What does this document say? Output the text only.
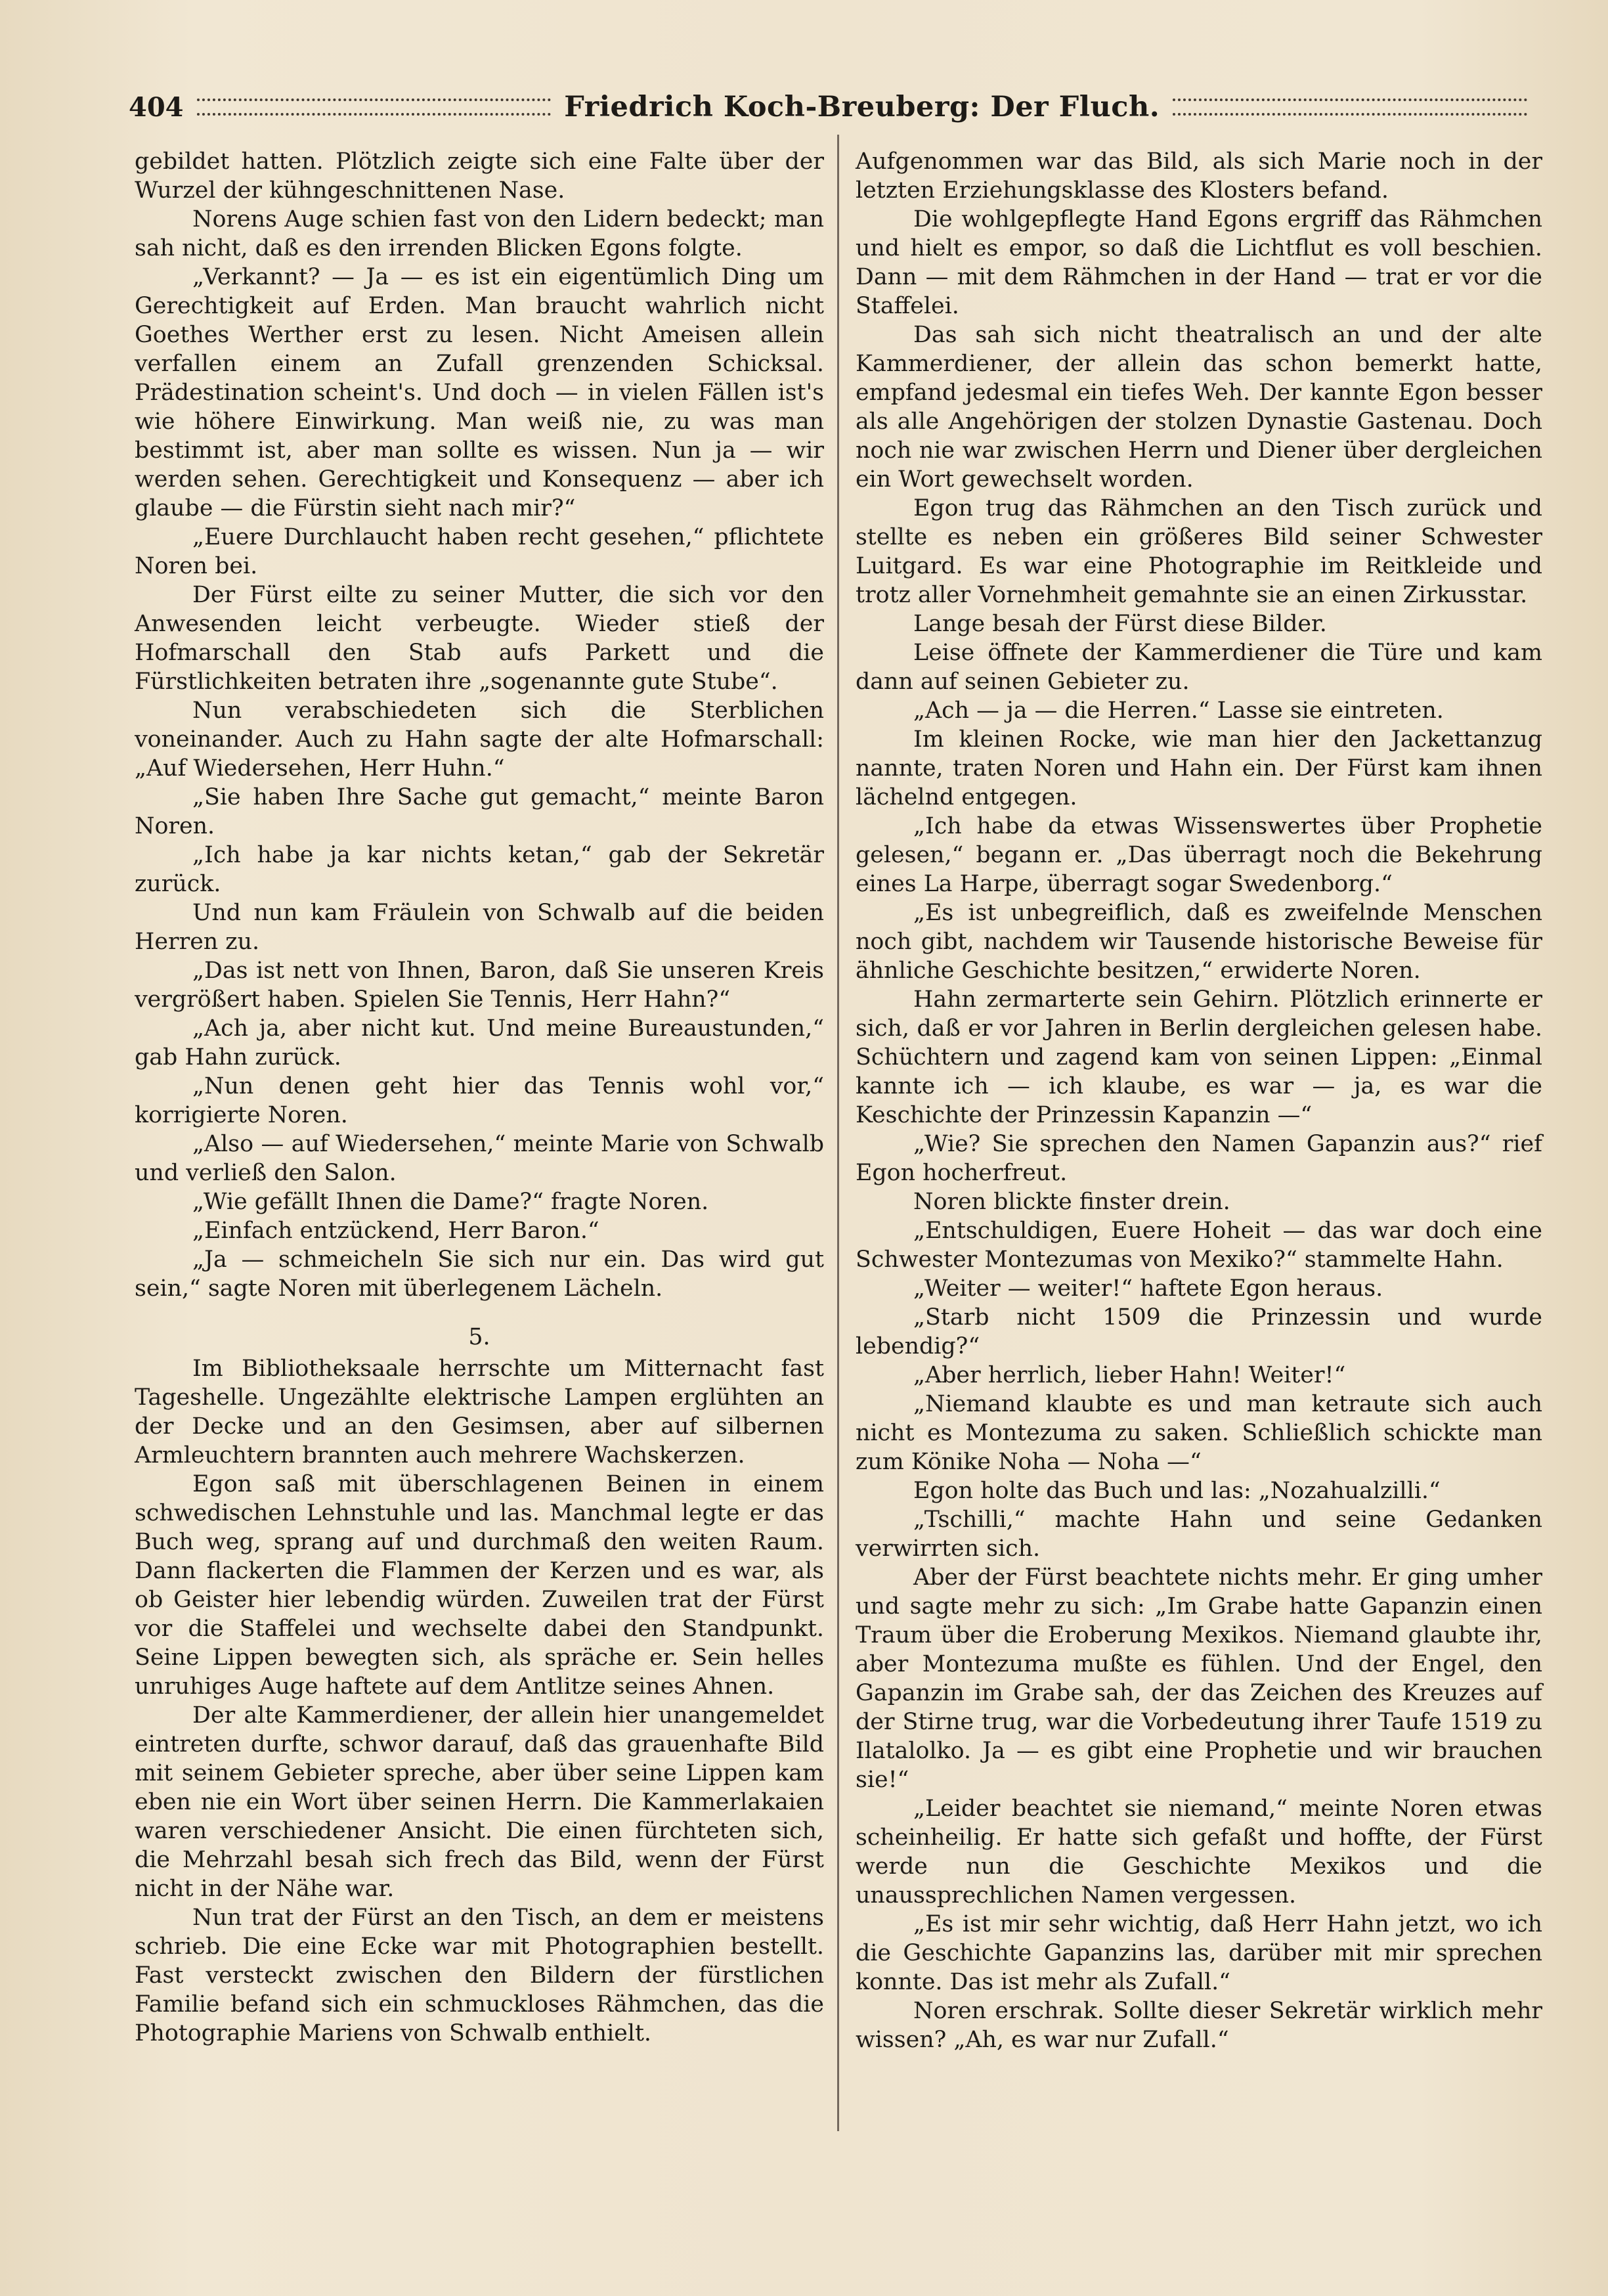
404	Friedrich Koch-Breuberg: Der Fluch.

gebildet hatten. Plötzlich zeigte sich eine Falte über der Wurzel der kühngeschnittenen Nase.

Norens Auge schien fast von den Lidern bedeckt; man sah nicht, daß es den irrenden Blicken Egons folgte.

„Verkannt? — Ja — es ist ein eigentümlich Ding um Gerechtigkeit auf Erden. Man braucht wahrlich nicht Goethes Werther erst zu lesen. Nicht Ameisen allein verfallen einem an Zufall grenzenden Schicksal. Prädestination scheint's. Und doch — in vielen Fällen ist's wie höhere Einwirkung. Man weiß nie, zu was man bestimmt ist, aber man sollte es wissen. Nun ja — wir werden sehen. Gerechtigkeit und Konsequenz — aber ich glaube — die Fürstin sieht nach mir?“

„Euere Durchlaucht haben recht gesehen,“ pflichtete Noren bei.

Der Fürst eilte zu seiner Mutter, die sich vor den Anwesenden leicht verbeugte. Wieder stieß der Hofmarschall den Stab aufs Parkett und die Fürstlichkeiten betraten ihre „sogenannte gute Stube“.

Nun verabschiedeten sich die Sterblichen voneinander. Auch zu Hahn sagte der alte Hofmarschall: „Auf Wiedersehen, Herr Huhn.“

„Sie haben Ihre Sache gut gemacht,“ meinte Baron Noren.

„Ich habe ja kar nichts ketan,“ gab der Sekretär zurück.

Und nun kam Fräulein von Schwalb auf die beiden Herren zu.

„Das ist nett von Ihnen, Baron, daß Sie unseren Kreis vergrößert haben. Spielen Sie Tennis, Herr Hahn?“

„Ach ja, aber nicht kut. Und meine Bureaustunden,“ gab Hahn zurück.

„Nun denen geht hier das Tennis wohl vor,“ korrigierte Noren.

„Also — auf Wiedersehen,“ meinte Marie von Schwalb und verließ den Salon.

„Wie gefällt Ihnen die Dame?“ fragte Noren.

„Einfach entzückend, Herr Baron.“

„Ja — schmeicheln Sie sich nur ein. Das wird gut sein,“ sagte Noren mit überlegenem Lächeln.

5.

Im Bibliotheksaale herrschte um Mitternacht fast Tageshelle. Ungezählte elektrische Lampen erglühten an der Decke und an den Gesimsen, aber auf silbernen Armleuchtern brannten auch mehrere Wachskerzen.

Egon saß mit überschlagenen Beinen in einem schwedischen Lehnstuhle und las. Manchmal legte er das Buch weg, sprang auf und durchmaß den weiten Raum. Dann flackerten die Flammen der Kerzen und es war, als ob Geister hier lebendig würden. Zuweilen trat der Fürst vor die Staffelei und wechselte dabei den Standpunkt. Seine Lippen bewegten sich, als spräche er. Sein helles unruhiges Auge haftete auf dem Antlitze seines Ahnen.

Der alte Kammerdiener, der allein hier unangemeldet eintreten durfte, schwor darauf, daß das grauenhafte Bild mit seinem Gebieter spreche, aber über seine Lippen kam eben nie ein Wort über seinen Herrn. Die Kammerlakaien waren verschiedener Ansicht. Die einen fürchteten sich, die Mehrzahl besah sich frech das Bild, wenn der Fürst nicht in der Nähe war.

Nun trat der Fürst an den Tisch, an dem er meistens schrieb. Die eine Ecke war mit Photographien bestellt. Fast versteckt zwischen den Bildern der fürstlichen Familie befand sich ein schmuckloses Rähmchen, das die Photographie Mariens von Schwalb enthielt.

Aufgenommen war das Bild, als sich Marie noch in der letzten Erziehungsklasse des Klosters befand.

Die wohlgepflegte Hand Egons ergriff das Rähmchen und hielt es empor, so daß die Lichtflut es voll beschien. Dann — mit dem Rähmchen in der Hand — trat er vor die Staffelei.

Das sah sich nicht theatralisch an und der alte Kammerdiener, der allein das schon bemerkt hatte, empfand jedesmal ein tiefes Weh. Der kannte Egon besser als alle Angehörigen der stolzen Dynastie Gastenau. Doch noch nie war zwischen Herrn und Diener über dergleichen ein Wort gewechselt worden.

Egon trug das Rähmchen an den Tisch zurück und stellte es neben ein größeres Bild seiner Schwester Luitgard. Es war eine Photographie im Reitkleide und trotz aller Vornehmheit gemahnte sie an einen Zirkusstar.

Lange besah der Fürst diese Bilder.

Leise öffnete der Kammerdiener die Türe und kam dann auf seinen Gebieter zu.

„Ach — ja — die Herren.“ Lasse sie eintreten.

Im kleinen Rocke, wie man hier den Jackettanzug nannte, traten Noren und Hahn ein. Der Fürst kam ihnen lächelnd entgegen.

„Ich habe da etwas Wissenswertes über Prophetie gelesen,“ begann er. „Das überragt noch die Bekehrung eines La Harpe, überragt sogar Swedenborg.“

„Es ist unbegreiflich, daß es zweifelnde Menschen noch gibt, nachdem wir Tausende historische Beweise für ähnliche Geschichte besitzen,“ erwiderte Noren.

Hahn zermarterte sein Gehirn. Plötzlich erinnerte er sich, daß er vor Jahren in Berlin dergleichen gelesen habe. Schüchtern und zagend kam von seinen Lippen: „Einmal kannte ich — ich klaube, es war — ja, es war die Keschichte der Prinzessin Kapanzin —“

„Wie? Sie sprechen den Namen Gapanzin aus?“ rief Egon hocherfreut.

Noren blickte finster drein.

„Entschuldigen, Euere Hoheit — das war doch eine Schwester Montezumas von Mexiko?“ stammelte Hahn.

„Weiter — weiter!“ haftete Egon heraus.

„Starb nicht 1509 die Prinzessin und wurde lebendig?“

„Aber herrlich, lieber Hahn! Weiter!“

„Niemand klaubte es und man ketraute sich auch nicht es Montezuma zu saken. Schließlich schickte man zum Könike Noha — Noha —“

Egon holte das Buch und las: „Nozahualzilli.“

„Tschilli,“ machte Hahn und seine Gedanken verwirrten sich.

Aber der Fürst beachtete nichts mehr. Er ging umher und sagte mehr zu sich: „Im Grabe hatte Gapanzin einen Traum über die Eroberung Mexikos. Niemand glaubte ihr, aber Montezuma mußte es fühlen. Und der Engel, den Gapanzin im Grabe sah, der das Zeichen des Kreuzes auf der Stirne trug, war die Vorbedeutung ihrer Taufe 1519 zu Ilatalolko. Ja — es gibt eine Prophetie und wir brauchen sie!“

„Leider beachtet sie niemand,“ meinte Noren etwas scheinheilig. Er hatte sich gefaßt und hoffte, der Fürst werde nun die Geschichte Mexikos und die unaussprechlichen Namen vergessen.

„Es ist mir sehr wichtig, daß Herr Hahn jetzt, wo ich die Geschichte Gapanzins las, darüber mit mir sprechen konnte. Das ist mehr als Zufall.“

Noren erschrak. Sollte dieser Sekretär wirklich mehr wissen? „Ah, es war nur Zufall.“
